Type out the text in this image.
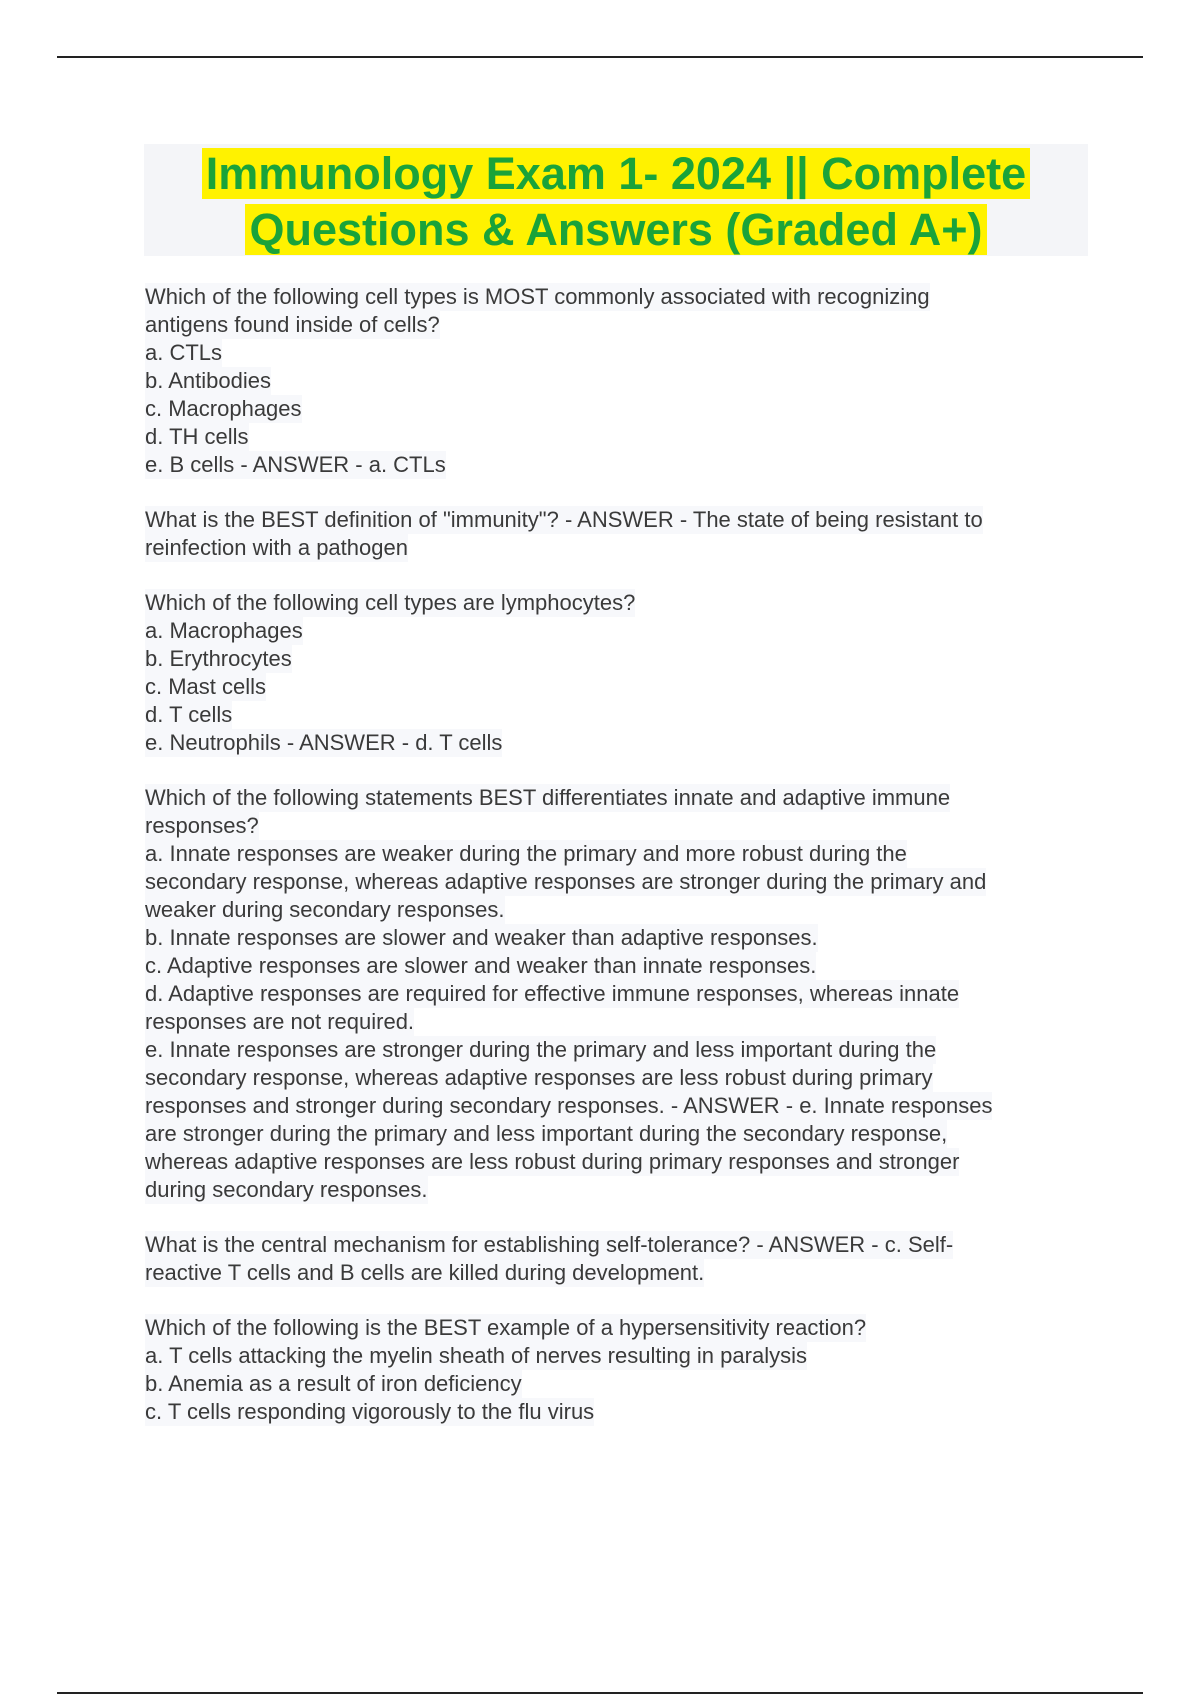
Immunology Exam 1- 2024 || Complete
Questions & Answers (Graded A+)
Which of the following cell types is MOST commonly associated with recognizing
antigens found inside of cells?
a. CTLs
b. Antibodies
c. Macrophages
d. TH cells
e. B cells - ANSWER - a. CTLs
What is the BEST definition of "immunity"? - ANSWER - The state of being resistant to
reinfection with a pathogen
Which of the following cell types are lymphocytes?
a. Macrophages
b. Erythrocytes
c. Mast cells
d. T cells
e. Neutrophils - ANSWER - d. T cells
Which of the following statements BEST differentiates innate and adaptive immune
responses?
a. Innate responses are weaker during the primary and more robust during the
secondary response, whereas adaptive responses are stronger during the primary and
weaker during secondary responses.
b. Innate responses are slower and weaker than adaptive responses.
c. Adaptive responses are slower and weaker than innate responses.
d. Adaptive responses are required for effective immune responses, whereas innate
responses are not required.
e. Innate responses are stronger during the primary and less important during the
secondary response, whereas adaptive responses are less robust during primary
responses and stronger during secondary responses. - ANSWER - e. Innate responses
are stronger during the primary and less important during the secondary response,
whereas adaptive responses are less robust during primary responses and stronger
during secondary responses.
What is the central mechanism for establishing self-tolerance? - ANSWER - c. Self-
reactive T cells and B cells are killed during development.
Which of the following is the BEST example of a hypersensitivity reaction?
a. T cells attacking the myelin sheath of nerves resulting in paralysis
b. Anemia as a result of iron deficiency
c. T cells responding vigorously to the flu virus
